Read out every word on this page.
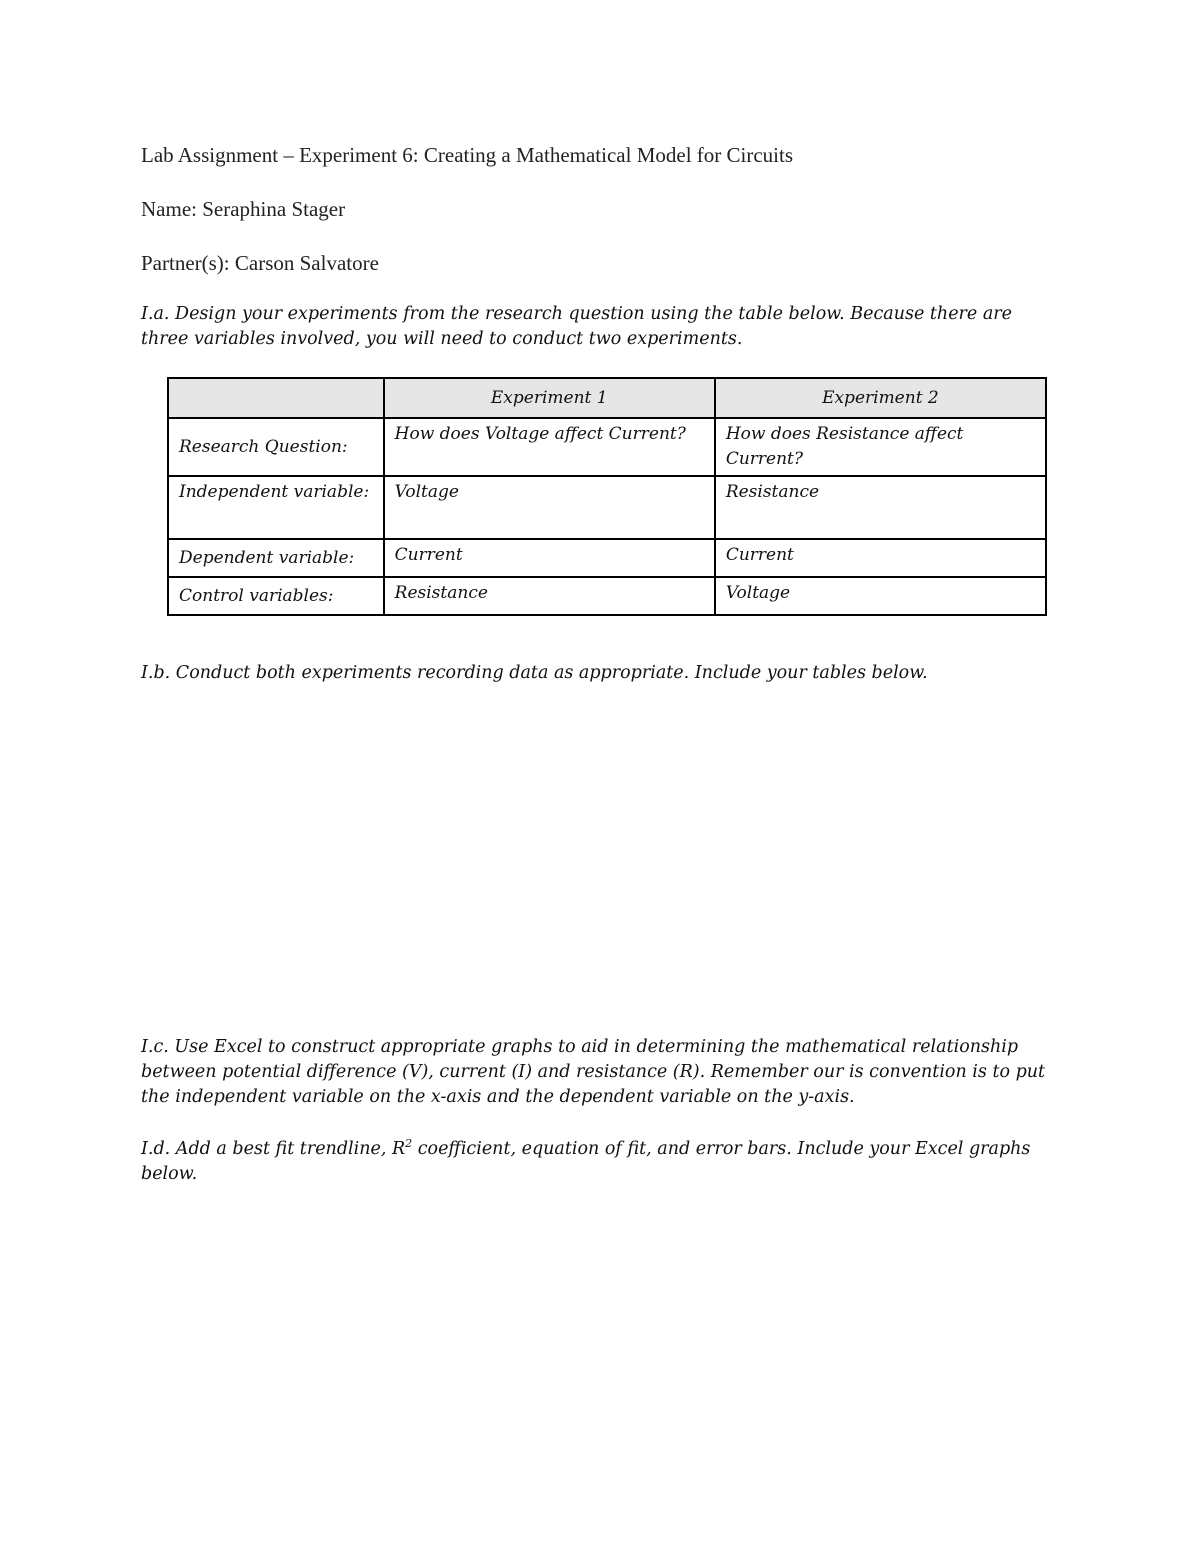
Lab Assignment – Experiment 6: Creating a Mathematical Model for Circuits
Name: Seraphina Stager
Partner(s): Carson Salvatore
I.a. Design your experiments from the research question using the table below. Because there are three variables involved, you will need to conduct two experiments.
	Experiment 1	Experiment 2
Research Question:	How does Voltage affect Current?	How does Resistance affect Current?
Independent variable:	Voltage	Resistance
Dependent variable:	Current	Current
Control variables:	Resistance	Voltage
I.b. Conduct both experiments recording data as appropriate. Include your tables below.
I.c. Use Excel to construct appropriate graphs to aid in determining the mathematical relationship between potential difference (V), current (I) and resistance (R). Remember our is convention is to put the independent variable on the x-axis and the dependent variable on the y-axis.
I.d. Add a best fit trendline, $R^2$ coefficient, equation of fit, and error bars. Include your Excel graphs below.
